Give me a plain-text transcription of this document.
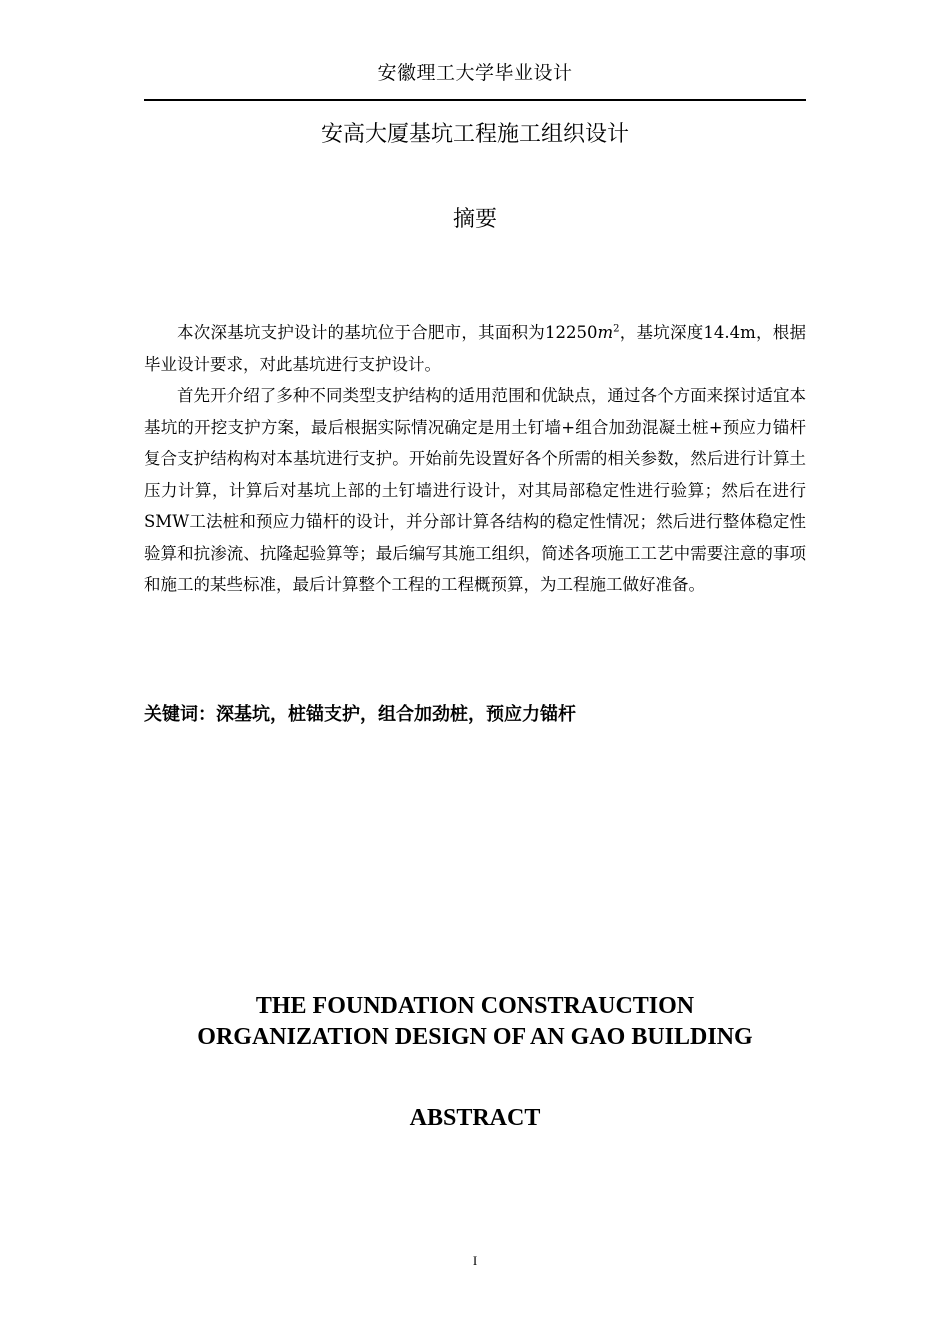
安徽理工大学毕业设计
安高大厦基坑工程施工组织设计
摘要

本次深基坑支护设计的基坑位于合肥市，其面积为$12250m^2$，基坑深度14.4m，根据毕业设计要求，对此基坑进行支护设计。

首先开介绍了多种不同类型支护结构的适用范围和优缺点，通过各个方面来探讨适宜本基坑的开挖支护方案，最后根据实际情况确定是用土钉墙+组合加劲混凝土桩+预应力锚杆复合支护结构构对本基坑进行支护。开始前先设置好各个所需的相关参数，然后进行计算土压力计算，计算后对基坑上部的土钉墙进行设计，对其局部稳定性进行验算；然后在进行SMW工法桩和预应力锚杆的设计，并分部计算各结构的稳定性情况；然后进行整体稳定性验算和抗渗流、抗隆起验算等；最后编写其施工组织，简述各项施工工艺中需要注意的事项和施工的某些标准，最后计算整个工程的工程概预算，为工程施工做好准备。

关键词：深基坑，桩锚支护，组合加劲桩，预应力锚杆
THE FOUNDATION CONSTRAUCTION
ORGANIZATION DESIGN OF AN GAO BUILDING
ABSTRACT
I
